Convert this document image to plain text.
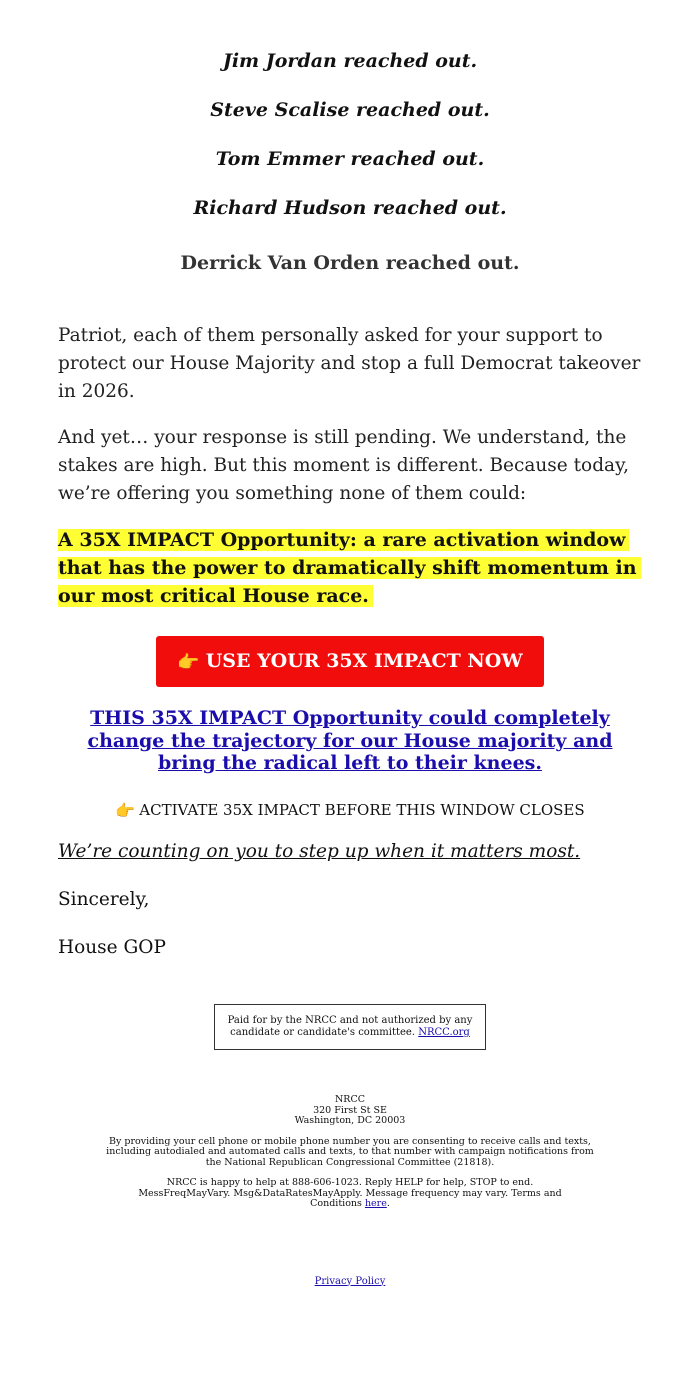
Jim Jordan reached out.

Steve Scalise reached out.

Tom Emmer reached out.

Richard Hudson reached out.

Derrick Van Orden reached out.

Patriot, each of them personally asked for your support to protect our House Majority and stop a full Democrat takeover in 2026.

And yet… your response is still pending. We understand, the stakes are high. But this moment is different. Because today, we’re offering you something none of them could:

A 35X IMPACT Opportunity: a rare activation window that has the power to dramatically shift momentum in our most critical House race.

👉 USE YOUR 35X IMPACT NOW
THIS 35X IMPACT Opportunity could completely change the trajectory for our House majority and bring the radical left to their knees.
👉 ACTIVATE 35X IMPACT BEFORE THIS WINDOW CLOSES

We’re counting on you to step up when it matters most.

Sincerely,

House GOP

Paid for by the NRCC and not authorized by any candidate or candidate's committee. NRCC.org

NRCC
320 First St SE
Washington, DC 20003

By providing your cell phone or mobile phone number you are consenting to receive calls and texts, including autodialed and automated calls and texts, to that number with campaign notifications from the National Republican Congressional Committee (21818).

NRCC is happy to help at 888-606-1023. Reply HELP for help, STOP to end. MessFreqMayVary. Msg&DataRatesMayApply. Message frequency may vary. Terms and Conditions here.

Privacy Policy
